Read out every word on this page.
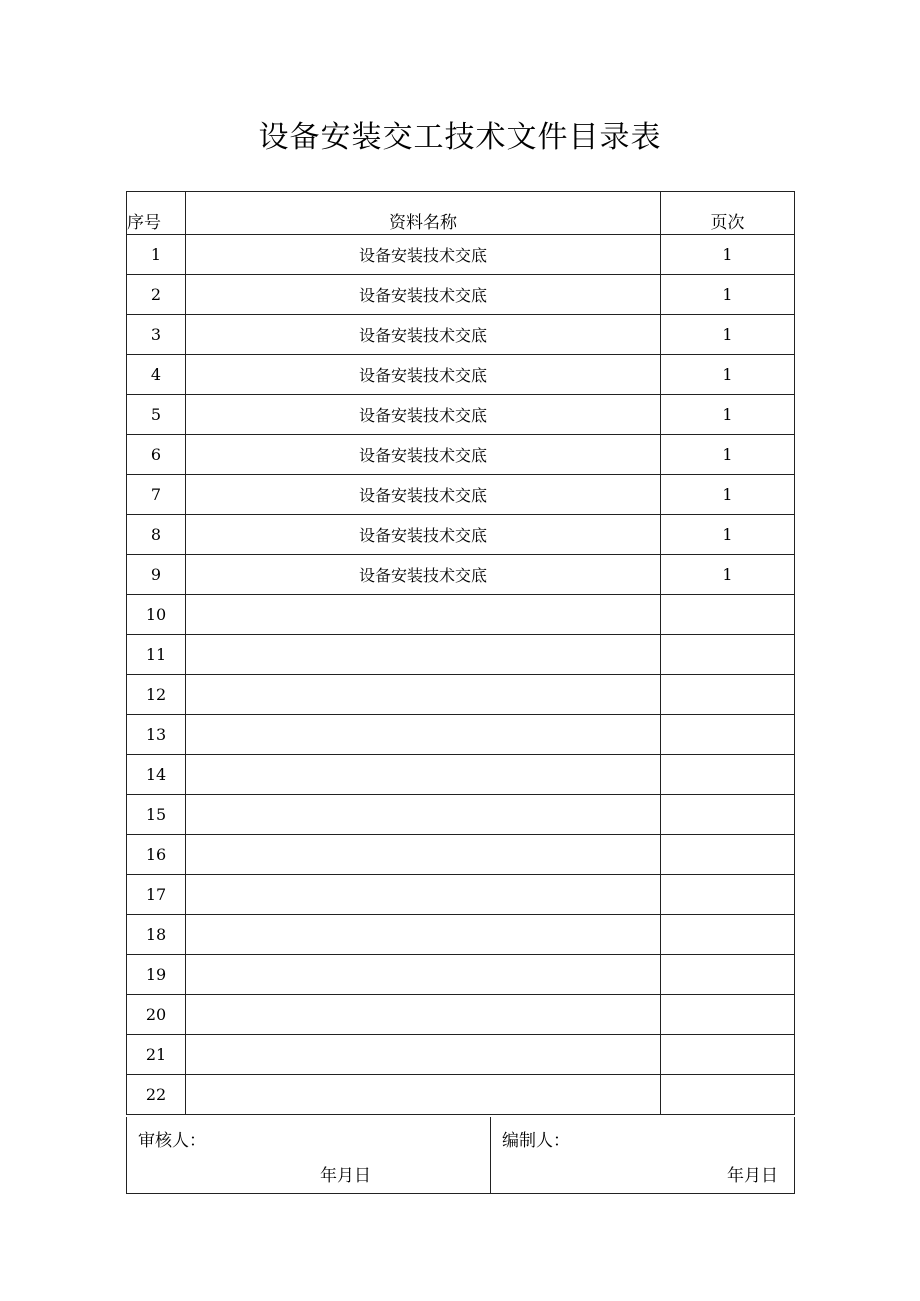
设备安装交工技术文件目录表
序号	资料名称	页次
1	设备安装技术交底	1
2	设备安装技术交底	1
3	设备安装技术交底	1
4	设备安装技术交底	1
5	设备安装技术交底	1
6	设备安装技术交底	1
7	设备安装技术交底	1
8	设备安装技术交底	1
9	设备安装技术交底	1
10		
11		
12		
13		
14		
15		
16		
17		
18		
19		
20		
21		
22		
审核人：
年月日

编制人：
年月日
